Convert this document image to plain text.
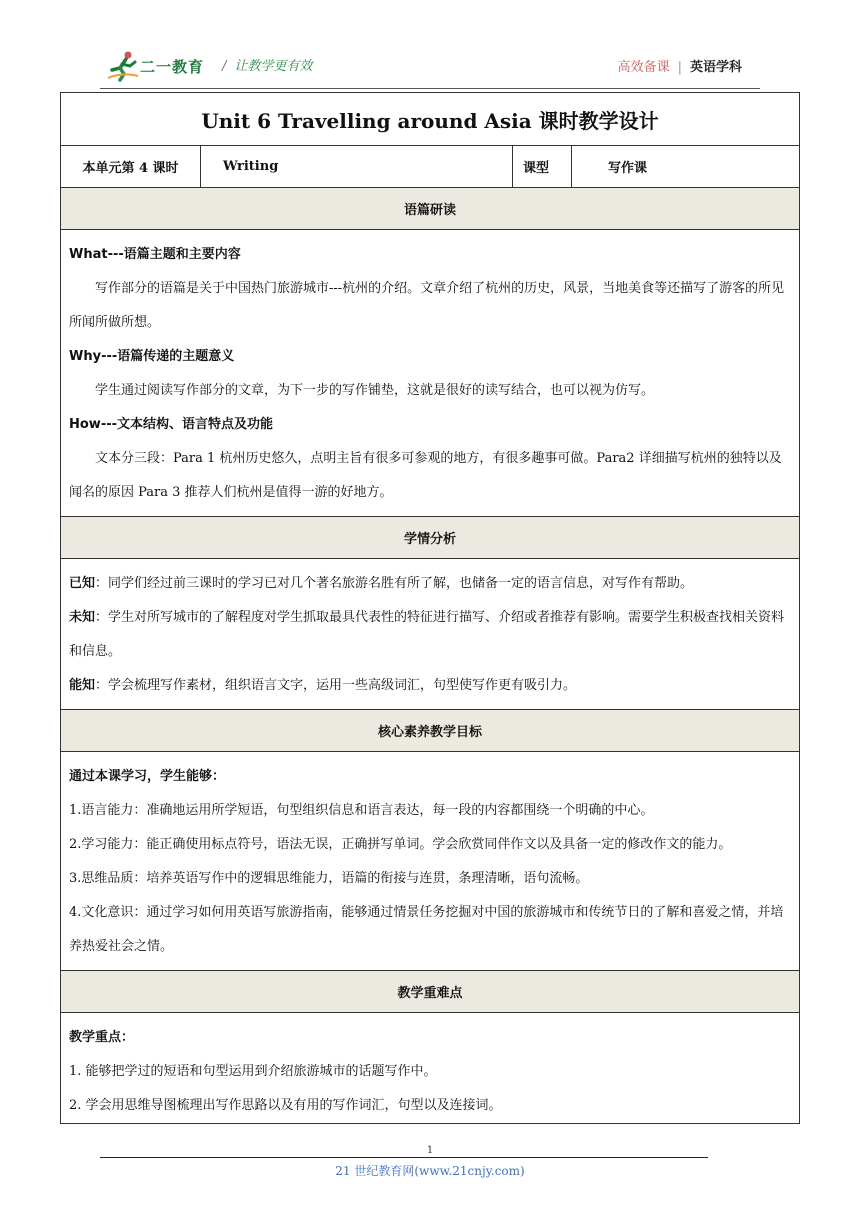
二一教育 / 让教学更有效	高效备课 | 英语学科
Unit 6 Travelling around Asia 课时教学设计
本单元第 4 课时	Writing	课型	写作课
语篇研读

What---语篇主题和主要内容

写作部分的语篇是关于中国热门旅游城市---杭州的介绍。文章介绍了杭州的历史，风景，当地美食等还描写了游客的所见所闻所做所想。

Why---语篇传递的主题意义

学生通过阅读写作部分的文章，为下一步的写作铺垫，这就是很好的读写结合，也可以视为仿写。

How---文本结构、语言特点及功能

文本分三段：Para 1 杭州历史悠久，点明主旨有很多可参观的地方，有很多趣事可做。Para2 详细描写杭州的独特以及闻名的原因 Para 3 推荐人们杭州是值得一游的好地方。

学情分析

已知：同学们经过前三课时的学习已对几个著名旅游名胜有所了解，也储备一定的语言信息，对写作有帮助。

未知：学生对所写城市的了解程度对学生抓取最具代表性的特征进行描写、介绍或者推荐有影响。需要学生积极查找相关资料和信息。

能知：学会梳理写作素材，组织语言文字，运用一些高级词汇，句型使写作更有吸引力。

核心素养教学目标

通过本课学习，学生能够：

1.语言能力：准确地运用所学短语，句型组织信息和语言表达，每一段的内容都围绕一个明确的中心。

2.学习能力：能正确使用标点符号，语法无误，正确拼写单词。学会欣赏同伴作文以及具备一定的修改作文的能力。

3.思维品质：培养英语写作中的逻辑思维能力，语篇的衔接与连贯，条理清晰，语句流畅。

4.文化意识：通过学习如何用英语写旅游指南，能够通过情景任务挖掘对中国的旅游城市和传统节日的了解和喜爱之情，并培养热爱社会之情。

教学重难点

教学重点：

1. 能够把学过的短语和句型运用到介绍旅游城市的话题写作中。

2. 学会用思维导图梳理出写作思路以及有用的写作词汇，句型以及连接词。

1
21 世纪教育网(www.21cnjy.com)
